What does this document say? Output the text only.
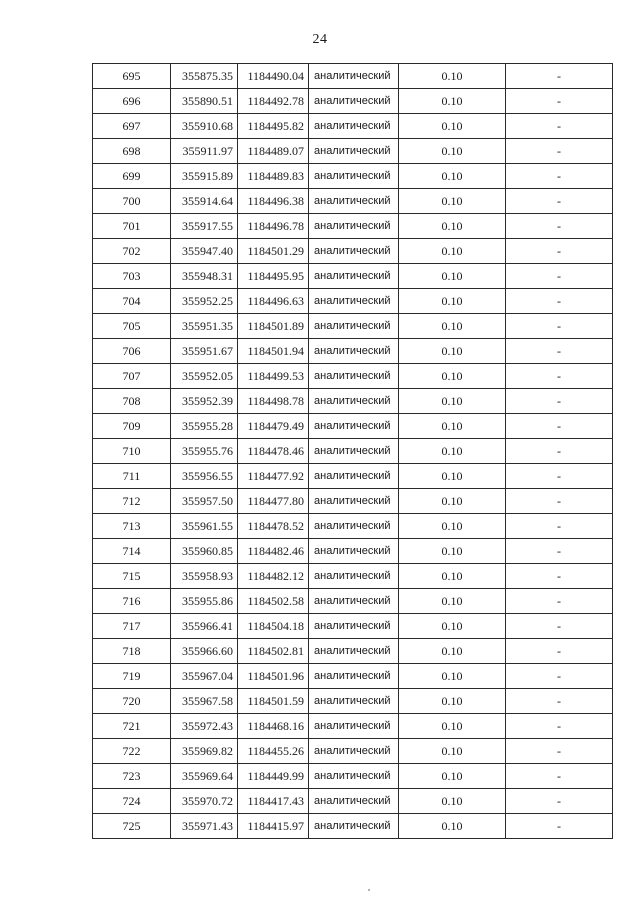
24
695	355875.35	1184490.04	аналитический	0.10	-
696	355890.51	1184492.78	аналитический	0.10	-
697	355910.68	1184495.82	аналитический	0.10	-
698	355911.97	1184489.07	аналитический	0.10	-
699	355915.89	1184489.83	аналитический	0.10	-
700	355914.64	1184496.38	аналитический	0.10	-
701	355917.55	1184496.78	аналитический	0.10	-
702	355947.40	1184501.29	аналитический	0.10	-
703	355948.31	1184495.95	аналитический	0.10	-
704	355952.25	1184496.63	аналитический	0.10	-
705	355951.35	1184501.89	аналитический	0.10	-
706	355951.67	1184501.94	аналитический	0.10	-
707	355952.05	1184499.53	аналитический	0.10	-
708	355952.39	1184498.78	аналитический	0.10	-
709	355955.28	1184479.49	аналитический	0.10	-
710	355955.76	1184478.46	аналитический	0.10	-
711	355956.55	1184477.92	аналитический	0.10	-
712	355957.50	1184477.80	аналитический	0.10	-
713	355961.55	1184478.52	аналитический	0.10	-
714	355960.85	1184482.46	аналитический	0.10	-
715	355958.93	1184482.12	аналитический	0.10	-
716	355955.86	1184502.58	аналитический	0.10	-
717	355966.41	1184504.18	аналитический	0.10	-
718	355966.60	1184502.81	аналитический	0.10	-
719	355967.04	1184501.96	аналитический	0.10	-
720	355967.58	1184501.59	аналитический	0.10	-
721	355972.43	1184468.16	аналитический	0.10	-
722	355969.82	1184455.26	аналитический	0.10	-
723	355969.64	1184449.99	аналитический	0.10	-
724	355970.72	1184417.43	аналитический	0.10	-
725	355971.43	1184415.97	аналитический	0.10	-
